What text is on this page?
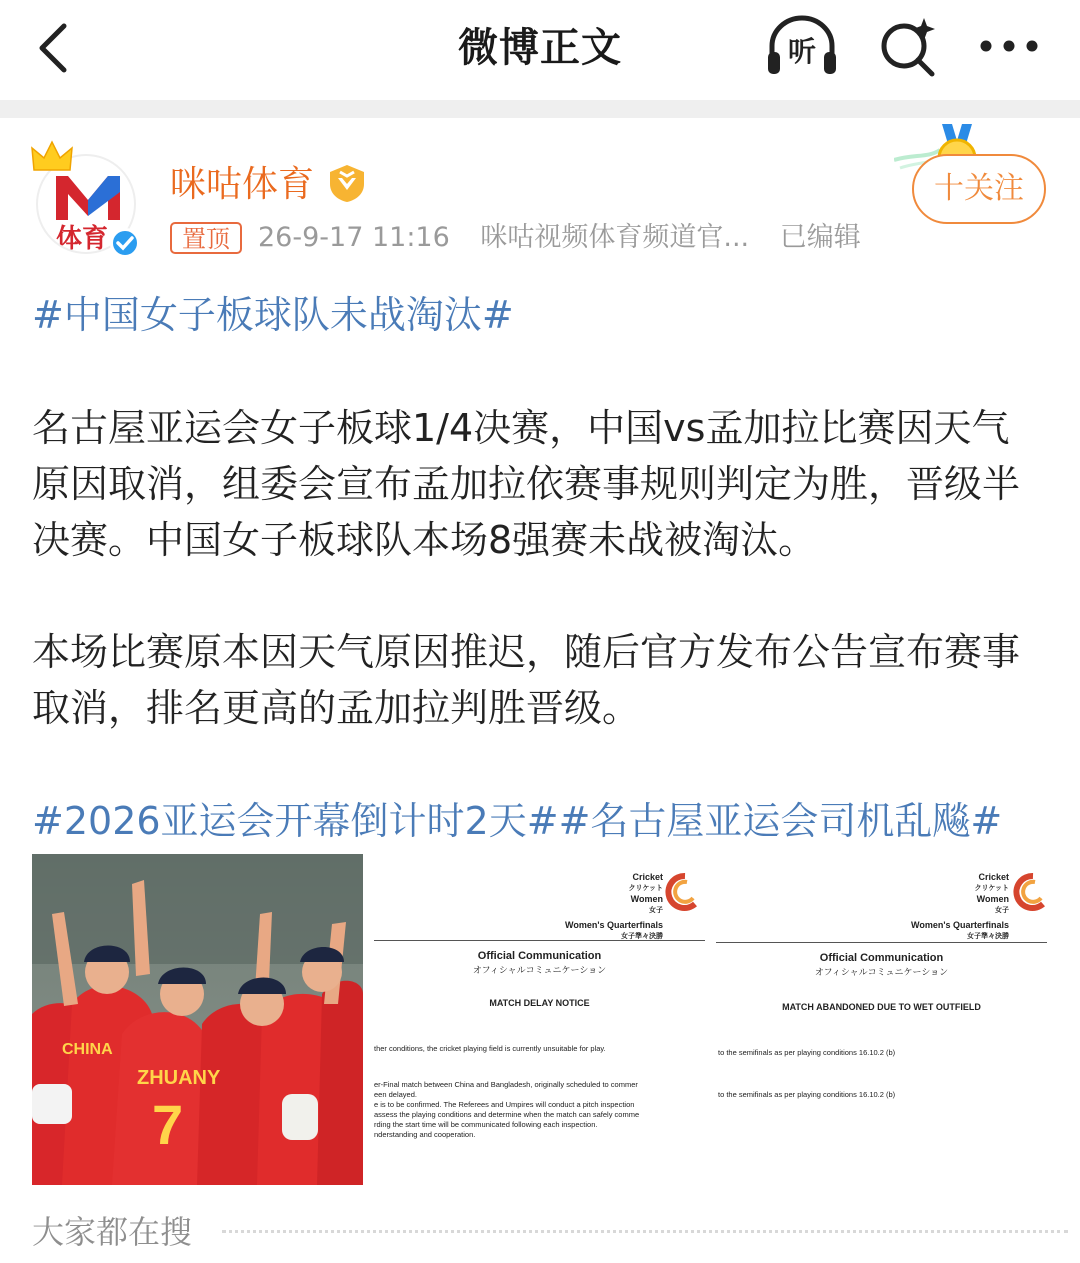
微博正文	听
体育
咪咕体育
置顶	26-9-17 11:16 咪咕视频体育频道官... 已编辑
十关注
#中国女子板球队未战淘汰#
名古屋亚运会女子板球1/4决赛，中国vs孟加拉比赛因天气原因取消，组委会宣布孟加拉依赛事规则判定为胜，晋级半决赛。中国女子板球队本场8强赛未战被淘汰。
本场比赛原本因天气原因推迟，随后官方发布公告宣布赛事取消，排名更高的孟加拉判胜晋级。
#2026亚运会开幕倒计时2天##名古屋亚运会司机乱飚#
ZHUANY
7
CHINA
Cricket
クリケット
Women
女子
Women's Quarterfinals
女子準々決勝
Official Communication
オフィシャルコミュニケーション
MATCH DELAY NOTICE
ther conditions, the cricket playing field is currently unsuitable for play.
er-Final match between China and Bangladesh, originally scheduled to commer
een delayed.
e is to be confirmed. The Referees and Umpires will conduct a pitch inspection
assess the playing conditions and determine when the match can safely comme
rding the start time will be communicated following each inspection.
nderstanding and cooperation.
Cricket
クリケット
Women
女子
Women's Quarterfinals
女子準々決勝
Official Communication
オフィシャルコミュニケーション
MATCH ABANDONED DUE TO WET OUTFIELD
to the semifinals as per playing conditions 16.10.2 (b)
to the semifinals as per playing conditions 16.10.2 (b)
大家都在搜
